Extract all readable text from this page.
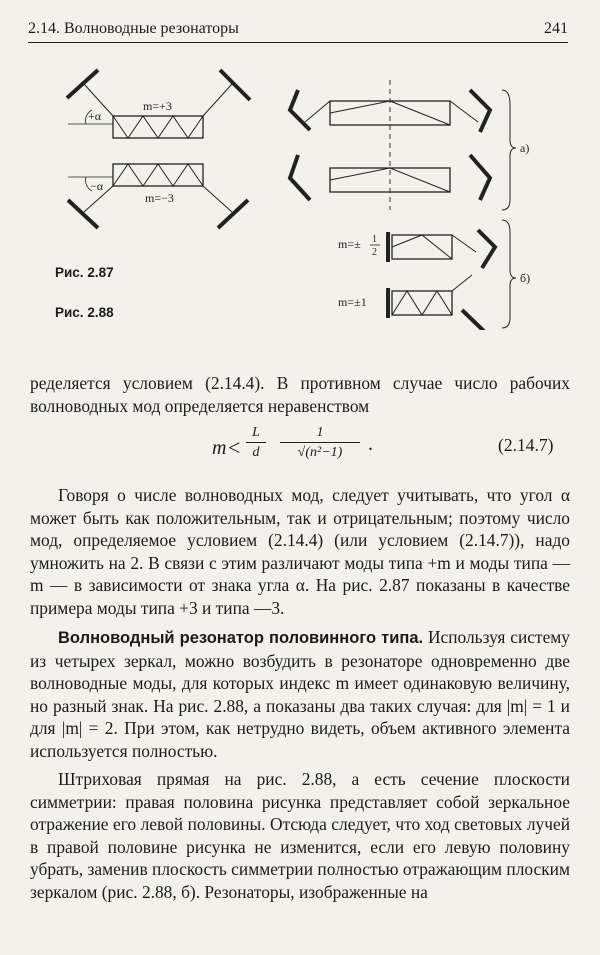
2.14. Волноводные резонаторы	241
m=+3
m=−3
+α
−α
а)
m=± 1
2
m=±1
б)
Рис. 2.87
Рис. 2.88
ределяется условием (2.14.4). В противном случае число рабочих волноводных мод определяется неравенством
$m < \frac{L}{d} \frac{1}{\text{√(n²−1)}}$ .	(2.14.7)
Говоря о числе волноводных мод, следует учитывать, что угол α может быть как положительным, так и отрицательным; поэтому число мод, определяемое условием (2.14.4) (или условием (2.14.7)), надо умножить на 2. В связи с этим различают моды типа +m и моды типа —m — в зависимости от знака угла α. На рис. 2.87 показаны в качестве примера моды типа +3 и типа —3.
Волноводный резонатор половинного типа. Используя систему из четырех зеркал, можно возбудить в резонаторе одновременно две волноводные моды, для которых индекс m имеет одинаковую величину, но разный знак. На рис. 2.88, а показаны два таких случая: для |m| = 1 и для |m| = 2. При этом, как нетрудно видеть, объем активного элемента используется полностью.
Штриховая прямая на рис. 2.88, а есть сечение плоскости симметрии: правая половина рисунка представляет собой зеркальное отражение его левой половины. Отсюда следует, что ход световых лучей в правой половине рисунка не изменится, если его левую половину убрать, заменив плоскость симметрии полностью отражающим плоским зеркалом (рис. 2.88, б). Резонаторы, изображенные на
